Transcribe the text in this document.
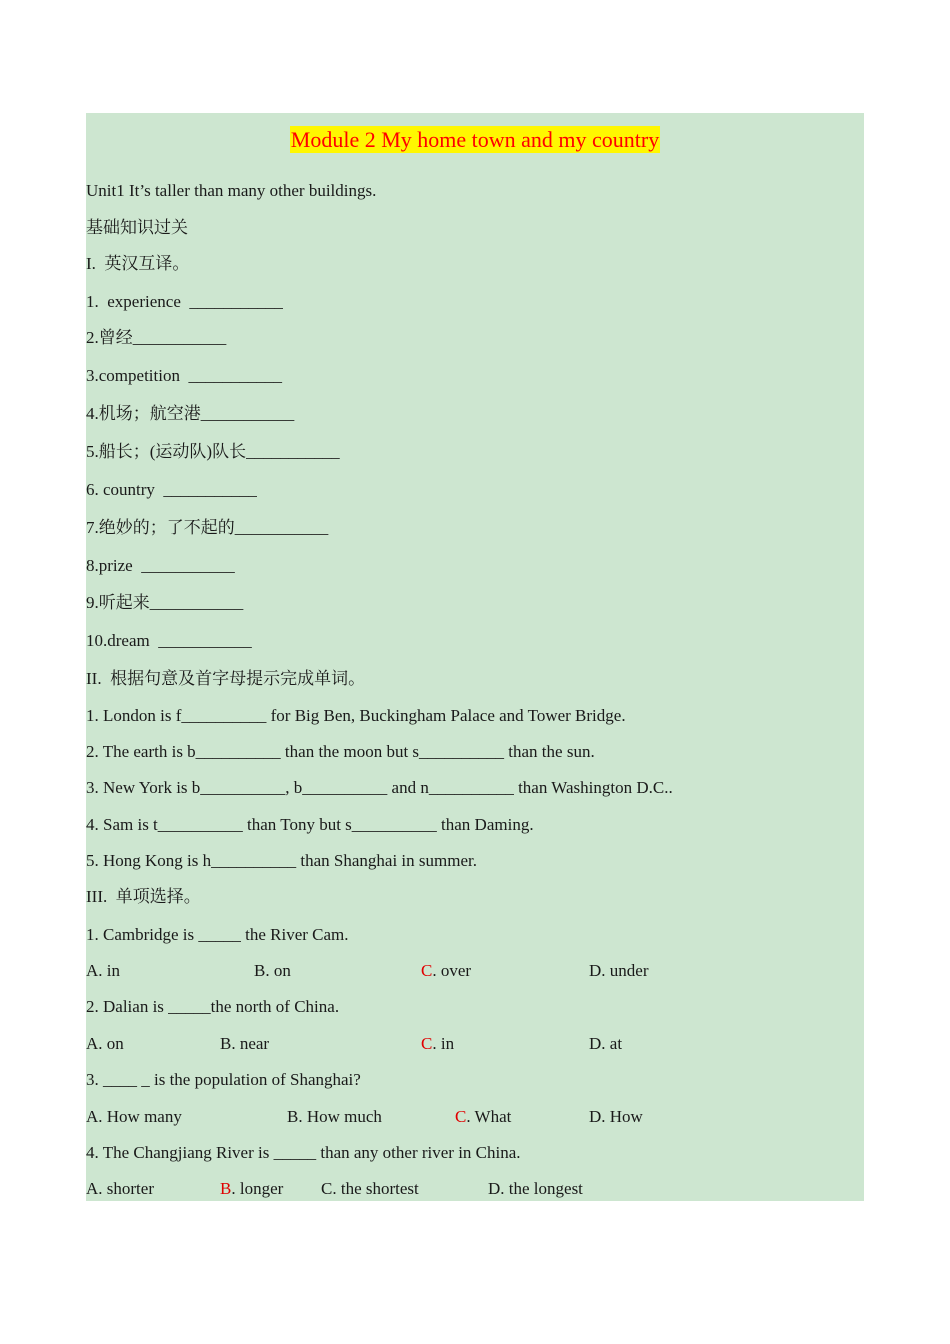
Module 2 My home town and my country
Unit1 It’s taller than many other buildings.
基础知识过关
I.  英汉互译。
1.  experience  ___________
2.曾经___________
3.competition  ___________
4.机场；航空港___________
5.船长；(运动队)队长___________
6. country  ___________
7.绝妙的；了不起的___________
8.prize  ___________
9.听起来___________
10.dream  ___________
II.  根据句意及首字母提示完成单词。
1. London is f__________ for Big Ben, Buckingham Palace and Tower Bridge.
2. The earth is b__________ than the moon but s__________ than the sun.
3. New York is b__________, b__________ and n__________ than Washington D.C..
4. Sam is t__________ than Tony but s__________ than Daming.
5. Hong Kong is h__________ than Shanghai in summer.
III.  单项选择。
1. Cambridge is _____ the River Cam.
A. in	B. on	C. over	D. under
2. Dalian is _____the north of China.
A. on	B. near	C. in	D. at
3. ____ _ is the population of Shanghai?
A. How many	B. How much	C. What	D. How
4. The Changjiang River is _____ than any other river in China.
A. shorter	B. longer C. the shortest	D. the longest
